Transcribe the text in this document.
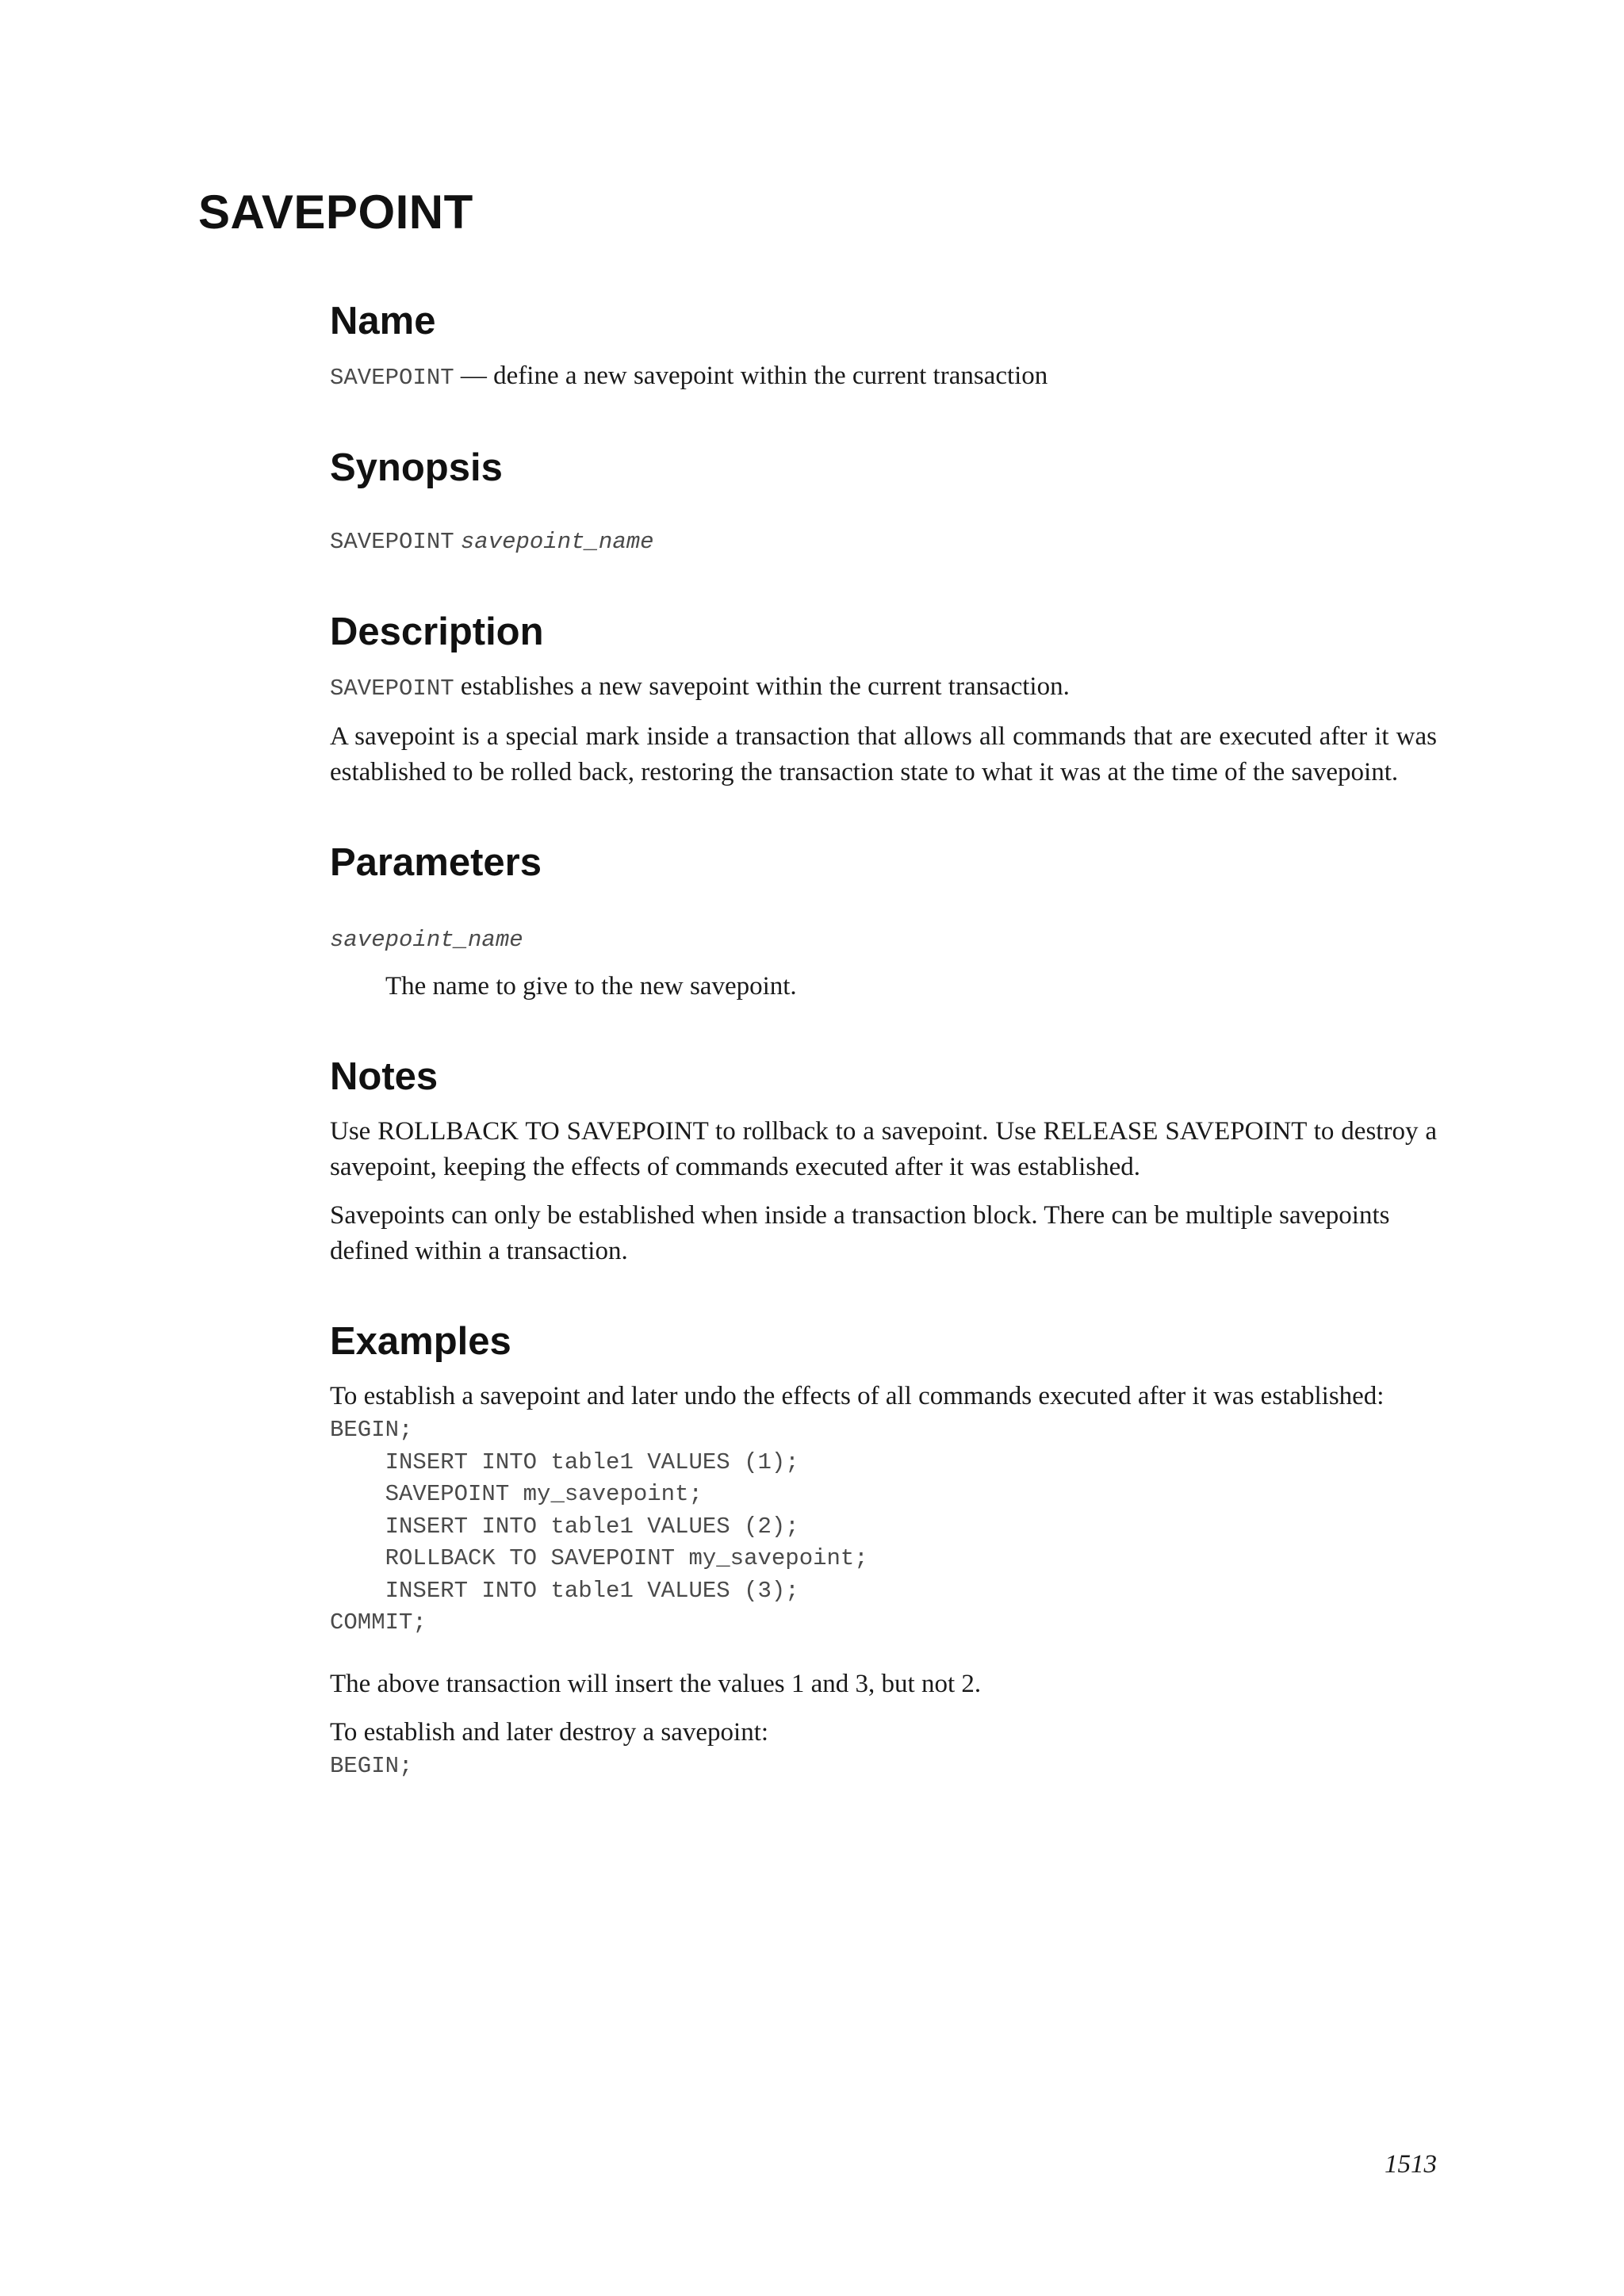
SAVEPOINT
Name

SAVEPOINT — define a new savepoint within the current transaction

Synopsis

SAVEPOINT savepoint_name

Description

SAVEPOINT establishes a new savepoint within the current transaction.

A savepoint is a special mark inside a transaction that allows all commands that are executed after it was established to be rolled back, restoring the transaction state to what it was at the time of the savepoint.

Parameters

savepoint_name

The name to give to the new savepoint.

Notes

Use ROLLBACK TO SAVEPOINT to rollback to a savepoint. Use RELEASE SAVEPOINT to destroy a savepoint, keeping the effects of commands executed after it was established.

Savepoints can only be established when inside a transaction block. There can be multiple savepoints defined within a transaction.

Examples

To establish a savepoint and later undo the effects of all commands executed after it was established:

BEGIN;
INSERT INTO table1 VALUES (1);
SAVEPOINT my_savepoint;
INSERT INTO table1 VALUES (2);
ROLLBACK TO SAVEPOINT my_savepoint;
INSERT INTO table1 VALUES (3);
COMMIT;

The above transaction will insert the values 1 and 3, but not 2.

To establish and later destroy a savepoint:

BEGIN;
1513
